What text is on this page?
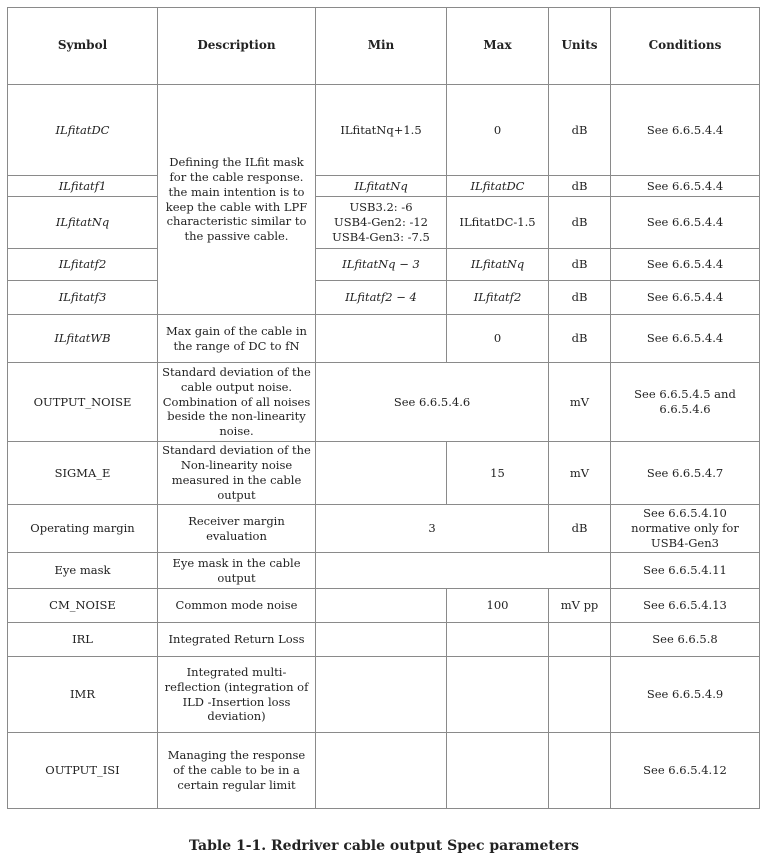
Symbol	Description	Min	Max	Units	Conditions
ILfitatDC	Defining the ILfit mask for the cable response. the main intention is to keep the cable with LPF characteristic similar to the passive cable.	ILfitatNq+1.5	0	dB	See 6.6.5.4.4
ILfitatf1		ILfitatNq	ILfitatDC	dB	See 6.6.5.4.4
ILfitatNq		USB3.2: -6
USB4-Gen2: -12
USB4-Gen3: -7.5	ILfitatDC-1.5	dB	See 6.6.5.4.4
ILfitatf2		ILfitatNq − 3	ILfitatNq	dB	See 6.6.5.4.4
ILfitatf3		ILfitatf2 − 4	ILfitatf2	dB	See 6.6.5.4.4
ILfitatWB	Max gain of the cable in the range of DC to fN		0	dB	See 6.6.5.4.4
OUTPUT_NOISE	Standard deviation of the cable output noise. Combination of all noises beside the non-linearity noise.	See 6.6.5.4.6		mV	See 6.6.5.4.5 and 6.6.5.4.6
SIGMA_E	Standard deviation of the Non-linearity noise measured in the cable output		15	mV	See 6.6.5.4.7
Operating margin	Receiver margin evaluation	3		dB	See 6.6.5.4.10 normative only for USB4-Gen3
Eye mask	Eye mask in the cable output				See 6.6.5.4.11
CM_NOISE	Common mode noise		100	mV pp	See 6.6.5.4.13
IRL	Integrated Return Loss				See 6.6.5.8
IMR	Integrated multi-reflection (integration of ILD -Insertion loss deviation)				See 6.6.5.4.9
OUTPUT_ISI	Managing the response of the cable to be in a certain regular limit				See 6.6.5.4.12
Table 1-1. Redriver cable output Spec parameters
